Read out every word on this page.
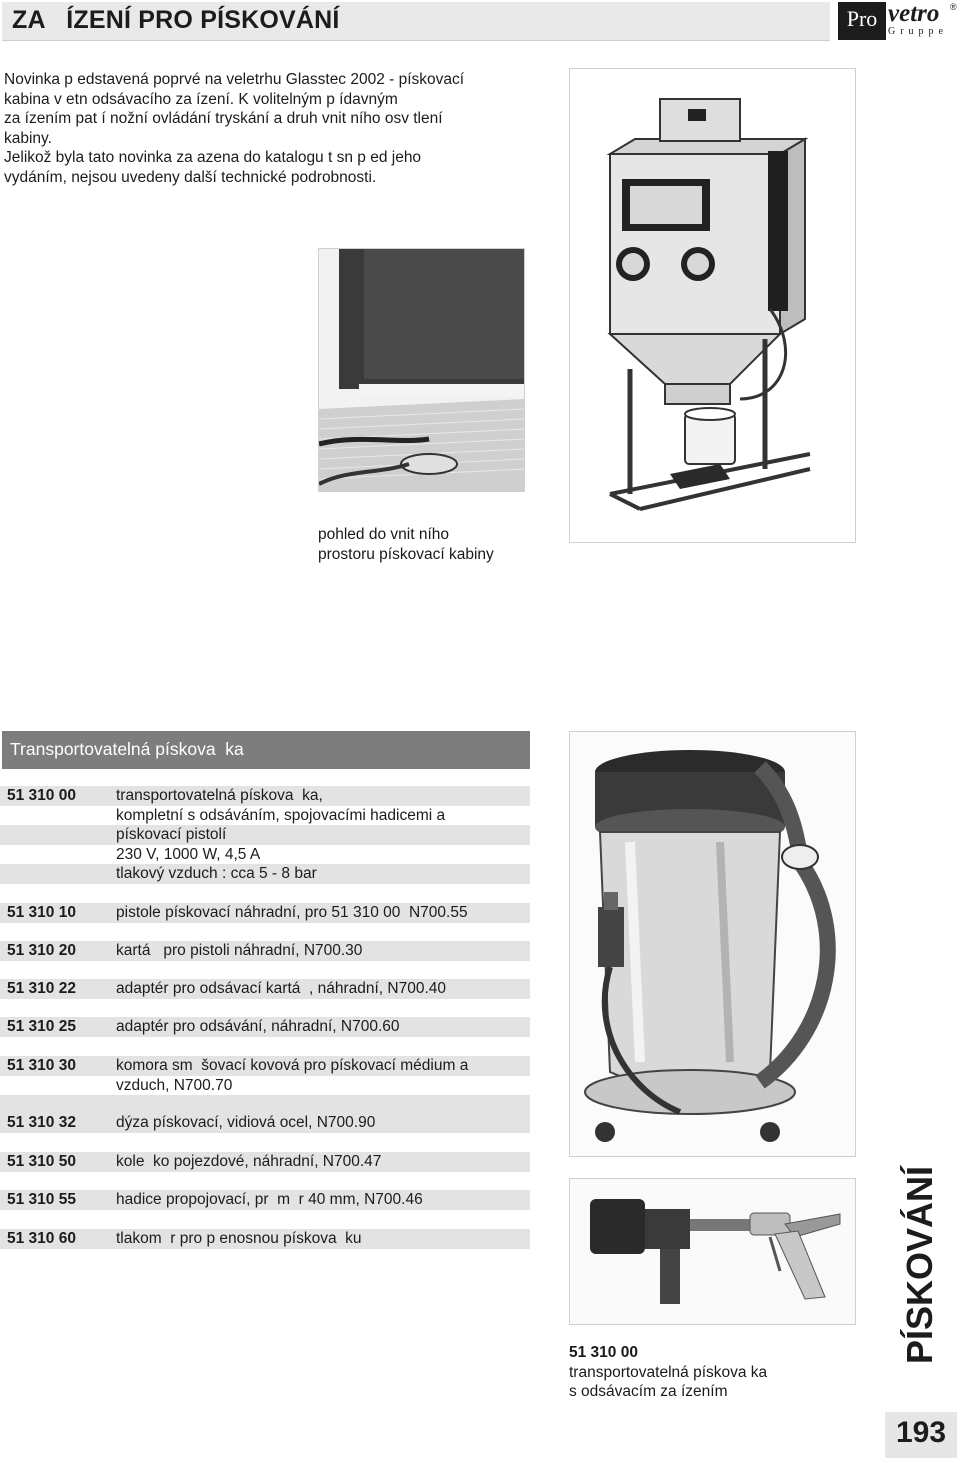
ZA   ÍZENÍ PRO PÍSKOVÁNÍ	Pro vetro ®
Gruppe

Novinka p edstavená poprvé na veletrhu Glasstec 2002 - pískovací

kabina v etn odsávacího za ízení. K volitelným p ídavným

za ízením pat í nožní ovládání tryskání a druh vnit ního osv tlení

kabiny.

Jelikož byla tato novinka za azena do katalogu t sn p ed jeho

vydáním, nejsou uvedeny další technické podrobnosti.

pohled do vnit ního
prostoru pískovací kabiny
Transportovatelná pískova  ka
51 310 00	transportovatelná pískova  ka,
kompletní s odsáváním, spojovacími hadicemi a
pískovací pistolí
230 V, 1000 W, 4,5 A
tlakový vzduch : cca 5 - 8 bar
51 310 10	pistole pískovací náhradní, pro 51 310 00  N700.55
51 310 20	kartá   pro pistoli náhradní, N700.30
51 310 22	adaptér pro odsávací kartá  , náhradní, N700.40
51 310 25	adaptér pro odsávání, náhradní, N700.60
51 310 30	komora sm  šovací kovová pro pískovací médium a
vzduch, N700.70
51 310 32	dýza pískovací, vidiová ocel, N700.90
51 310 50	kole  ko pojezdové, náhradní, N700.47
51 310 55	hadice propojovací, pr  m  r 40 mm, N700.46
51 310 60	tlakom  r pro p enosnou pískova  ku
51 310 00
transportovatelná pískova ka
s odsávacím za ízením
PÍSKOVÁNÍ
193
